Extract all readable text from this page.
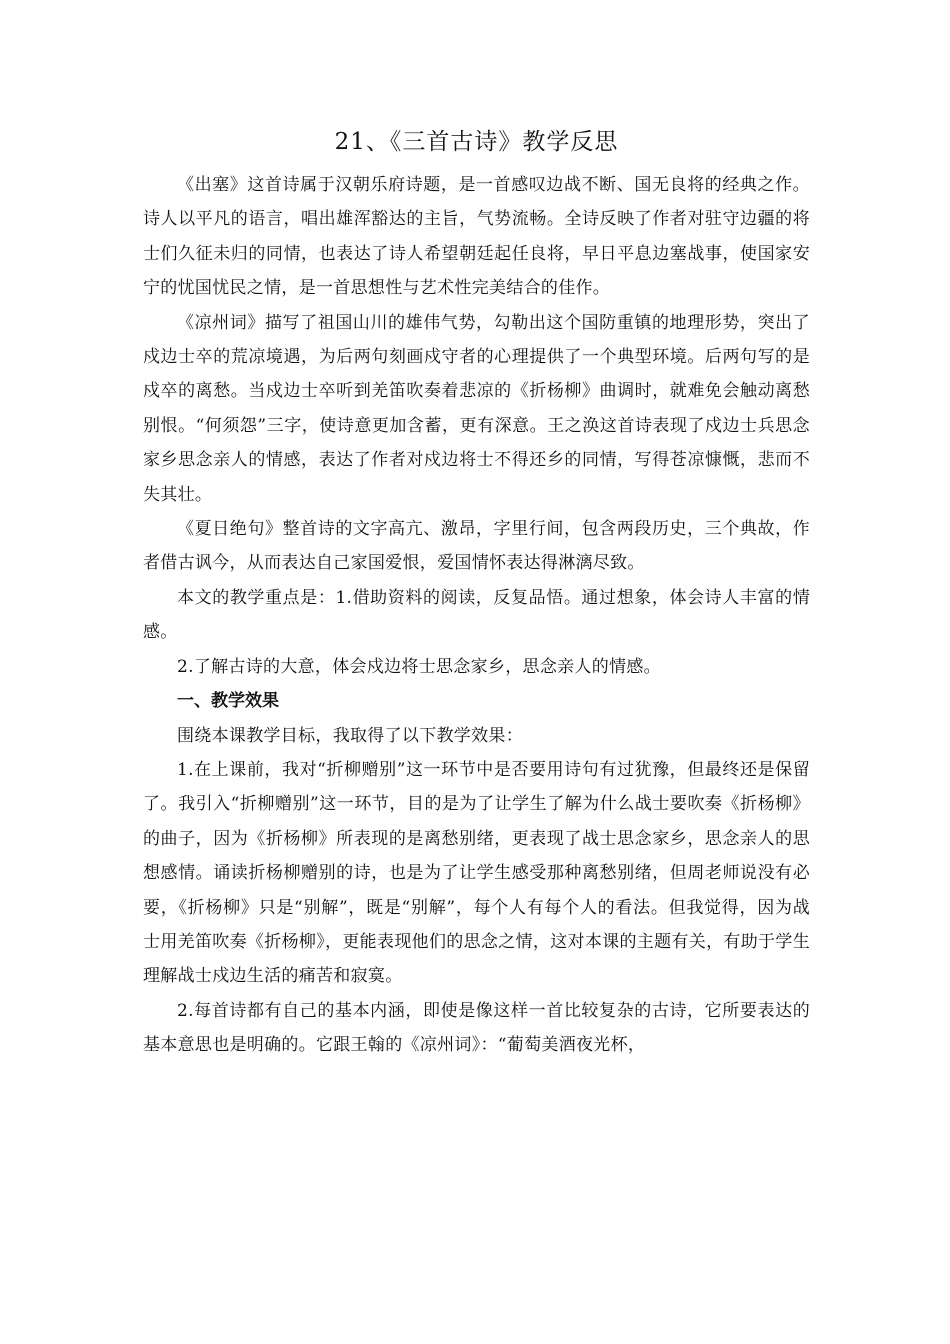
21、《三首古诗》教学反思

《出塞》这首诗属于汉朝乐府诗题，是一首感叹边战不断、国无良将的经典之作。诗人以平凡的语言，唱出雄浑豁达的主旨，气势流畅。全诗反映了作者对驻守边疆的将士们久征未归的同情，也表达了诗人希望朝廷起任良将，早日平息边塞战事，使国家安宁的忧国忧民之情，是一首思想性与艺术性完美结合的佳作。

《凉州词》描写了祖国山川的雄伟气势，勾勒出这个国防重镇的地理形势，突出了戍边士卒的荒凉境遇，为后两句刻画戍守者的心理提供了一个典型环境。后两句写的是戍卒的离愁。当戍边士卒听到羌笛吹奏着悲凉的《折杨柳》曲调时，就难免会触动离愁别恨。“何须怨”三字，使诗意更加含蓄，更有深意。王之涣这首诗表现了戍边士兵思念家乡思念亲人的情感，表达了作者对戍边将士不得还乡的同情，写得苍凉慷慨，悲而不失其壮。

《夏日绝句》整首诗的文字高亢、激昂，字里行间，包含两段历史，三个典故，作者借古讽今，从而表达自己家国爱恨，爱国情怀表达得淋漓尽致。

本文的教学重点是：1.借助资料的阅读，反复品悟。通过想象，体会诗人丰富的情感。

2.了解古诗的大意，体会戍边将士思念家乡，思念亲人的情感。

一、教学效果

围绕本课教学目标，我取得了以下教学效果：

1.在上课前，我对“折柳赠别”这一环节中是否要用诗句有过犹豫，但最终还是保留了。我引入“折柳赠别”这一环节，目的是为了让学生了解为什么战士要吹奏《折杨柳》的曲子，因为《折杨柳》所表现的是离愁别绪，更表现了战士思念家乡，思念亲人的思想感情。诵读折杨柳赠别的诗，也是为了让学生感受那种离愁别绪，但周老师说没有必要，《折杨柳》只是“别解”，既是“别解”，每个人有每个人的看法。但我觉得，因为战士用羌笛吹奏《折杨柳》，更能表现他们的思念之情，这对本课的主题有关，有助于学生理解战士戍边生活的痛苦和寂寞。

2.每首诗都有自己的基本内涵，即使是像这样一首比较复杂的古诗，它所要表达的基本意思也是明确的。它跟王翰的《凉州词》：“葡萄美酒夜光杯，
